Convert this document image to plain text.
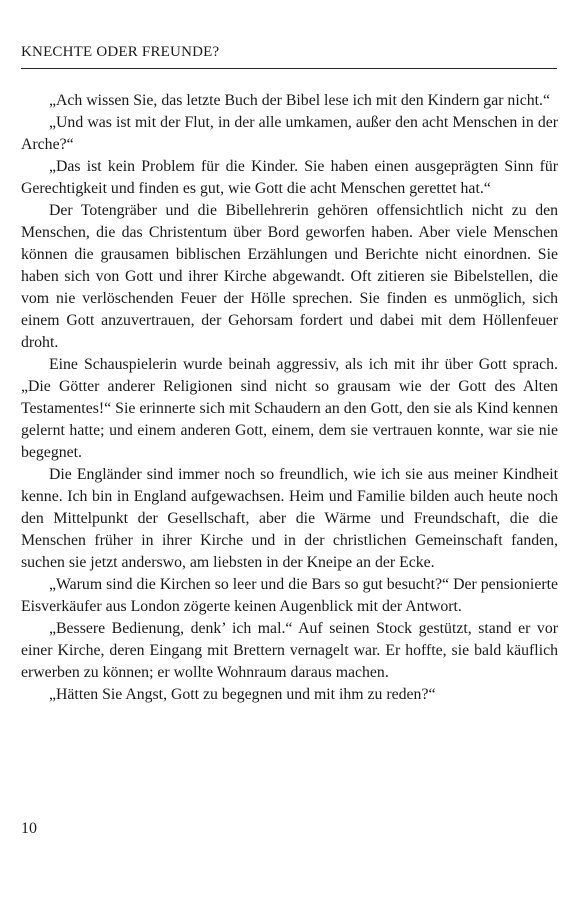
KNECHTE ODER FREUNDE?

„Ach wissen Sie, das letzte Buch der Bibel lese ich mit den Kindern gar nicht.“

„Und was ist mit der Flut, in der alle umkamen, außer den acht Menschen in der Arche?“

„Das ist kein Problem für die Kinder. Sie haben einen ausgeprägten Sinn für Gerechtigkeit und finden es gut, wie Gott die acht Menschen gerettet hat.“

Der Totengräber und die Bibellehrerin gehören offensichtlich nicht zu den Menschen, die das Christentum über Bord geworfen haben. Aber viele Menschen können die grausamen biblischen Erzählungen und Berichte nicht einordnen. Sie haben sich von Gott und ihrer Kirche abgewandt. Oft zitieren sie Bibelstellen, die vom nie verlöschenden Feuer der Hölle sprechen. Sie finden es unmöglich, sich einem Gott anzuvertrauen, der Gehorsam fordert und dabei mit dem Höllenfeuer droht.

Eine Schauspielerin wurde beinah aggressiv, als ich mit ihr über Gott sprach. „Die Götter anderer Religionen sind nicht so grausam wie der Gott des Alten Testamentes!“ Sie erinnerte sich mit Schaudern an den Gott, den sie als Kind kennen gelernt hatte; und einem anderen Gott, einem, dem sie vertrauen konnte, war sie nie begegnet.

Die Engländer sind immer noch so freundlich, wie ich sie aus meiner Kindheit kenne. Ich bin in England aufgewachsen. Heim und Familie bilden auch heute noch den Mittelpunkt der Gesellschaft, aber die Wärme und Freundschaft, die die Menschen früher in ihrer Kirche und in der christlichen Gemeinschaft fanden, suchen sie jetzt anderswo, am liebsten in der Kneipe an der Ecke.

„Warum sind die Kirchen so leer und die Bars so gut besucht?“ Der pensionierte Eisverkäufer aus London zögerte keinen Augenblick mit der Antwort.

„Bessere Bedienung, denk’ ich mal.“ Auf seinen Stock gestützt, stand er vor einer Kirche, deren Eingang mit Brettern vernagelt war. Er hoffte, sie bald käuflich erwerben zu können; er wollte Wohnraum daraus machen.

„Hätten Sie Angst, Gott zu begegnen und mit ihm zu reden?“

10
